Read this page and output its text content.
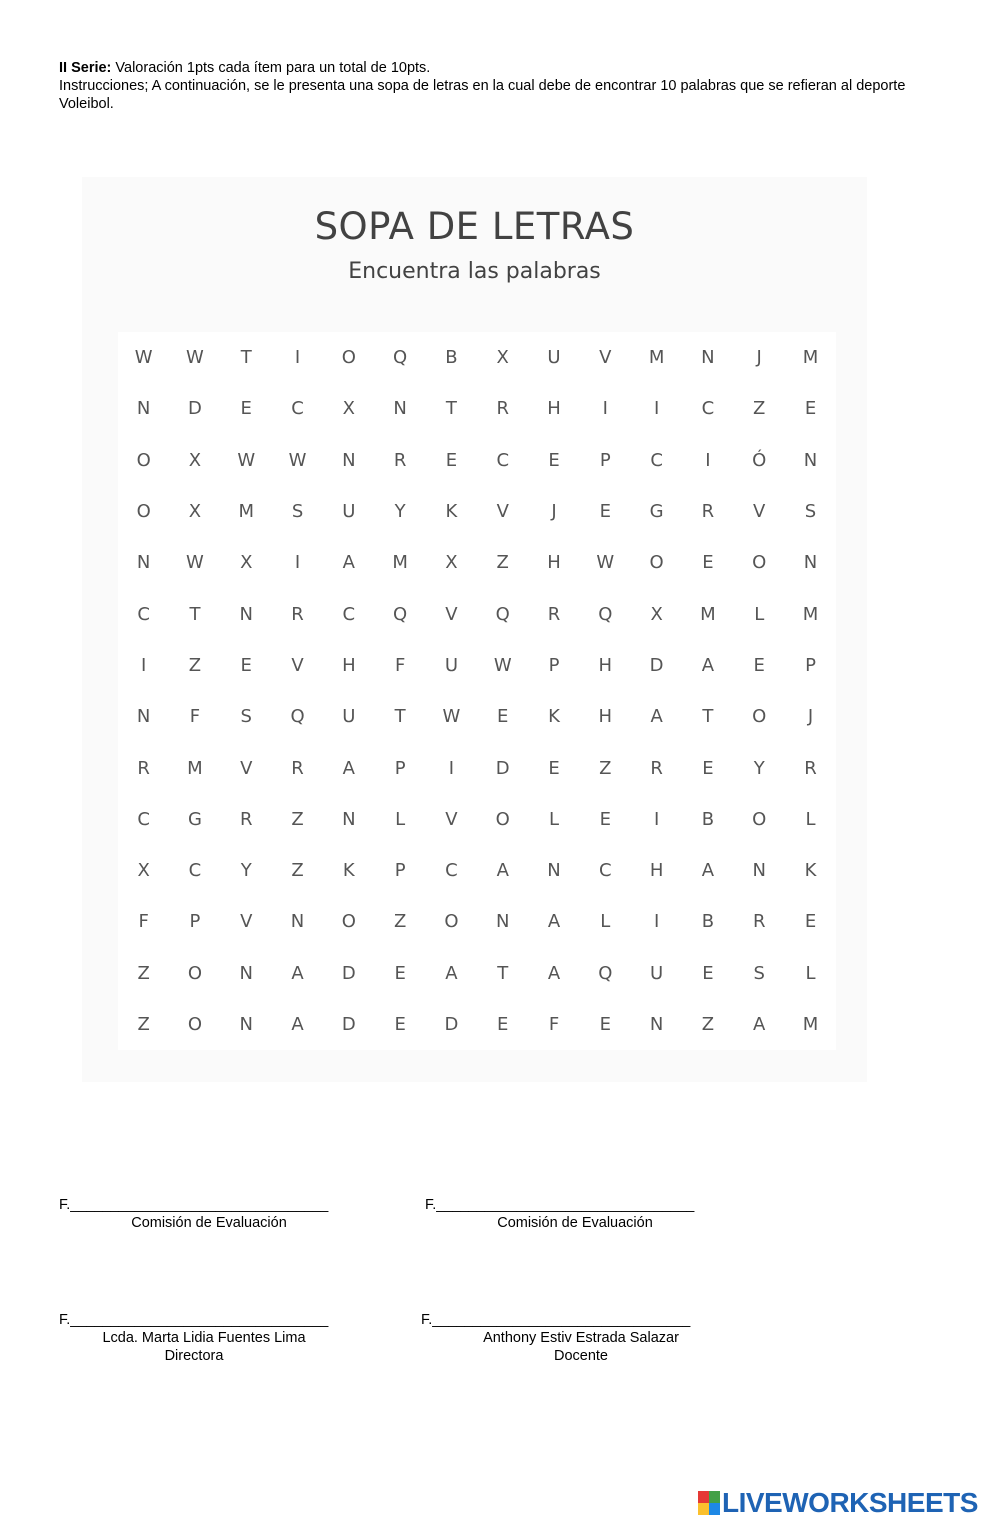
II Serie: Valoración 1pts cada ítem para un total de 10pts.
Instrucciones; A continuación, se le presenta una sopa de letras en la cual debe de encontrar 10 palabras que se refieran al deporte Voleibol.
SOPA DE LETRAS
Encuentra las palabras
W	W	T	I	O	Q	B	X	U	V	M	N	J	M
N	D	E	C	X	N	T	R	H	I	I	C	Z	E
O	X	W	W	N	R	E	C	E	P	C	I	Ó	N
O	X	M	S	U	Y	K	V	J	E	G	R	V	S
N	W	X	I	A	M	X	Z	H	W	O	E	O	N
C	T	N	R	C	Q	V	Q	R	Q	X	M	L	M
I	Z	E	V	H	F	U	W	P	H	D	A	E	P
N	F	S	Q	U	T	W	E	K	H	A	T	O	J
R	M	V	R	A	P	I	D	E	Z	R	E	Y	R
C	G	R	Z	N	L	V	O	L	E	I	B	O	L
X	C	Y	Z	K	P	C	A	N	C	H	A	N	K
F	P	V	N	O	Z	O	N	A	L	I	B	R	E
Z	O	N	A	D	E	A	T	A	Q	U	E	S	L
Z	O	N	A	D	E	D	E	F	E	N	Z	A	M
F.________________________________
Comisión de Evaluación
F.________________________________
Comisión de Evaluación
F.________________________________
Lcda. Marta Lidia Fuentes Lima
Directora
F.________________________________
Anthony Estiv Estrada Salazar
Docente
LIVEWORKSHEETS
